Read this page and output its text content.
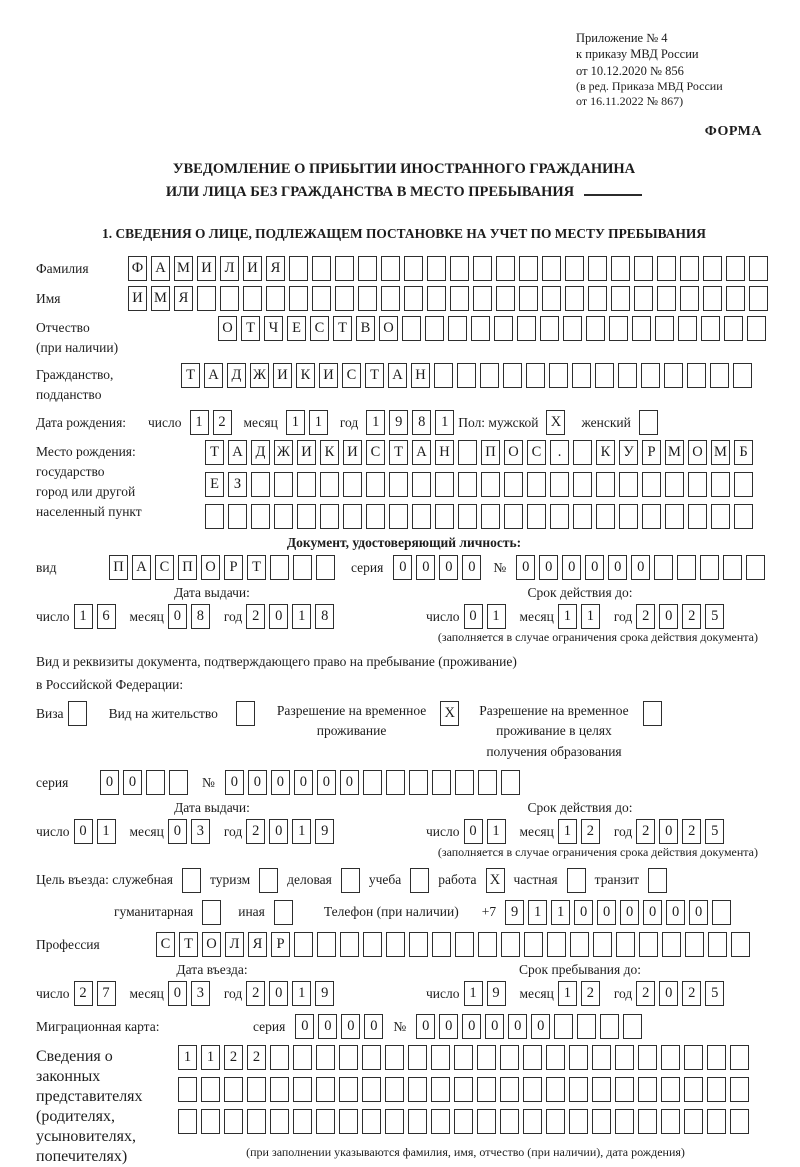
Приложение № 4
к приказу МВД России
от 10.12.2020 № 856
(в ред. Приказа МВД России
от 16.11.2022 № 867)
ФОРМА
УВЕДОМЛЕНИЕ О ПРИБЫТИИ ИНОСТРАННОГО ГРАЖДАНИНА
ИЛИ ЛИЦА БЕЗ ГРАЖДАНСТВА В МЕСТО ПРЕБЫВАНИЯ
1. СВЕДЕНИЯ О ЛИЦЕ, ПОДЛЕЖАЩЕМ ПОСТАНОВКЕ НА УЧЕТ ПО МЕСТУ ПРЕБЫВАНИЯ
Фамилия	Ф А М И Л И Я
Имя	И М Я
Отчество
(при наличии)
О Т Ч Е С Т В О
Гражданство,
подданство
Т А Д Ж И К И С Т А Н
Дата рождения:	число 1 2	месяц 1 1	год 1 9 8 1 Пол: мужской X	женский
Место рождения:
государство
город или другой
населенный пункт
Т А Д Ж И К И С Т А Н П О С .	К У Р М О М Б
Е З
Документ, удостоверяющий личность:
вид	П А С П О Р Т	серия	0 0 0 0	№	0 0 0 0 0 0
Дата выдачи:
число 1 6	месяц 0 8	год 2 0 1 8
Срок действия до:
число 0 1	месяц 1 1	год 2 0 2 5
(заполняется в случае ограничения срока действия документа)
Вид и реквизиты документа, подтверждающего право на пребывание (проживание)
в Российской Федерации:
Виза	Вид на жительство	Разрешение на временное
проживание
X	Разрешение на временное
проживание в целях
получения образования
серия	0 0	№	0 0 0 0 0 0
Дата выдачи:
число 0 1	месяц 0 3	год 2 0 1 9
Срок действия до:
число 0 1	месяц 1 2	год 2 0 2 5
(заполняется в случае ограничения срока действия документа)
Цель въезда: служебная	туризм	деловая	учеба	работа X частная	транзит
гуманитарная	иная	Телефон (при наличии) +7	9 1 1 0 0 0 0 0 0
Профессия	С Т О Л Я Р
Дата въезда:
число 2 7	месяц 0 3	год 2 0 1 9
Срок пребывания до:
число 1 9	месяц 1 2	год 2 0 2 5
Миграционная карта:	серия	0 0 0 0	№	0 0 0 0 0 0
Сведения о
законных
представителях
(родителях,
усыновителях,
попечителях)
1 1 2 2
(при заполнении указываются фамилия, имя, отчество (при наличии), дата рождения)
